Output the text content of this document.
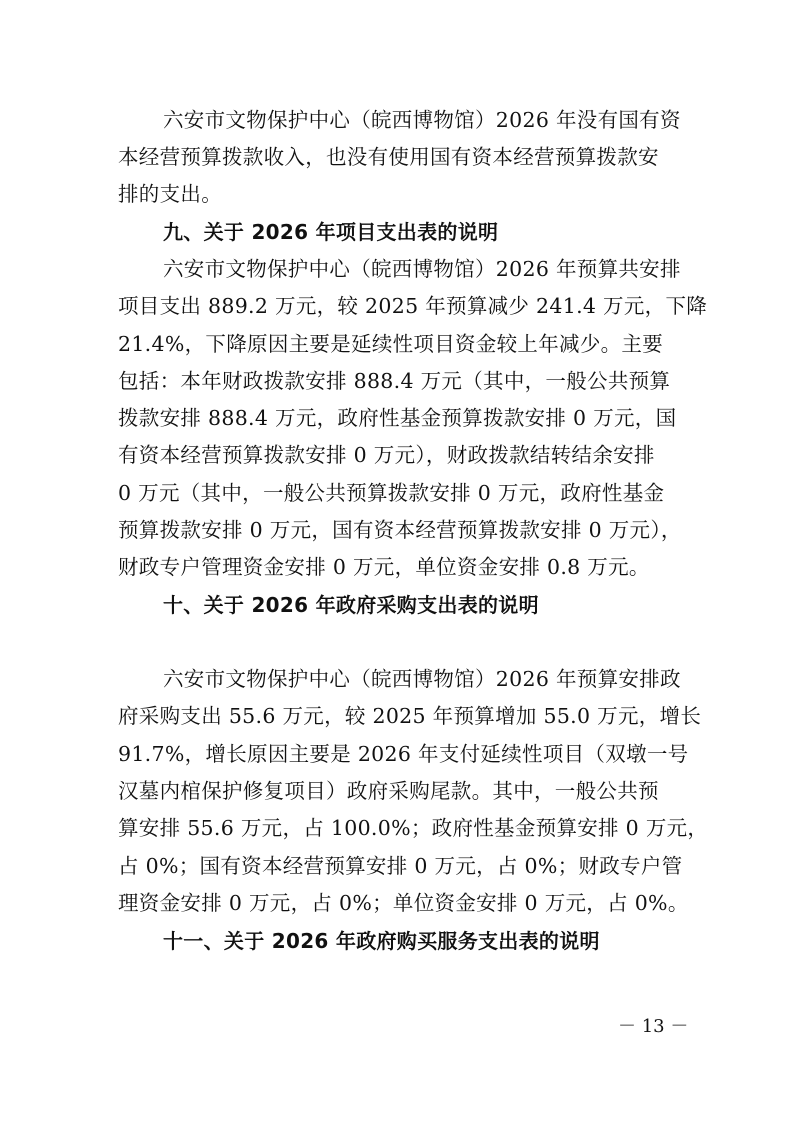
六安市文物保护中心（皖西博物馆）2026 年没有国有资
本经营预算拨款收入，也没有使用国有资本经营预算拨款安
排的支出。
九、关于 2026 年项目支出表的说明
六安市文物保护中心（皖西博物馆）2026 年预算共安排
项目支出 889.2 万元，较 2025 年预算减少 241.4 万元，下降
21.4%，下降原因主要是延续性项目资金较上年减少。主要
包括：本年财政拨款安排 888.4 万元（其中，一般公共预算
拨款安排 888.4 万元，政府性基金预算拨款安排 0 万元，国
有资本经营预算拨款安排 0 万元），财政拨款结转结余安排
0 万元（其中，一般公共预算拨款安排 0 万元，政府性基金
预算拨款安排 0 万元，国有资本经营预算拨款安排 0 万元），
财政专户管理资金安排 0 万元，单位资金安排 0.8 万元。
十、关于 2026 年政府采购支出表的说明
六安市文物保护中心（皖西博物馆）2026 年预算安排政
府采购支出 55.6 万元，较 2025 年预算增加 55.0 万元，增长
91.7%，增长原因主要是 2026 年支付延续性项目（双墩一号
汉墓内棺保护修复项目）政府采购尾款。其中，一般公共预
算安排 55.6 万元，占 100.0%；政府性基金预算安排 0 万元，
占 0%；国有资本经营预算安排 0 万元，占 0%；财政专户管
理资金安排 0 万元，占 0%；单位资金安排 0 万元，占 0%。
十一、关于 2026 年政府购买服务支出表的说明
－ 13 －
